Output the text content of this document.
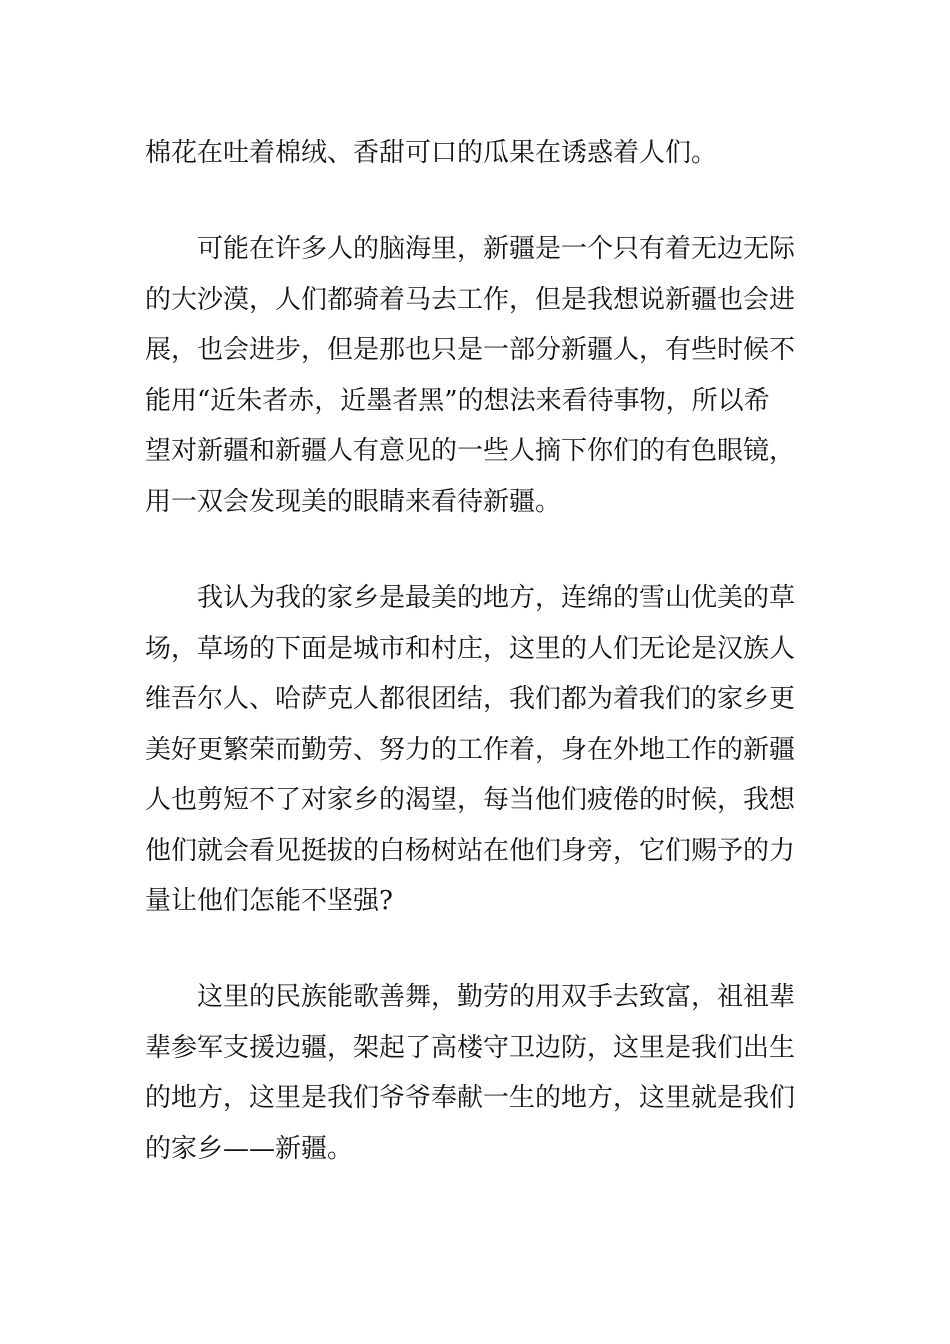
棉花在吐着棉绒、香甜可口的瓜果在诱惑着人们。
可能在许多人的脑海里，新疆是一个只有着无边无际
的大沙漠，人们都骑着马去工作，但是我想说新疆也会进
展，也会进步，但是那也只是一部分新疆人，有些时候不
能用“近朱者赤，近墨者黑”的想法来看待事物，所以希
望对新疆和新疆人有意见的一些人摘下你们的有色眼镜，
用一双会发现美的眼睛来看待新疆。
我认为我的家乡是最美的地方，连绵的雪山优美的草
场，草场的下面是城市和村庄，这里的人们无论是汉族人
维吾尔人、哈萨克人都很团结，我们都为着我们的家乡更
美好更繁荣而勤劳、努力的工作着，身在外地工作的新疆
人也剪短不了对家乡的渴望，每当他们疲倦的时候，我想
他们就会看见挺拔的白杨树站在他们身旁，它们赐予的力
量让他们怎能不坚强?
这里的民族能歌善舞，勤劳的用双手去致富，祖祖辈
辈参军支援边疆，架起了高楼守卫边防，这里是我们出生
的地方，这里是我们爷爷奉献一生的地方，这里就是我们
的家乡——新疆。
